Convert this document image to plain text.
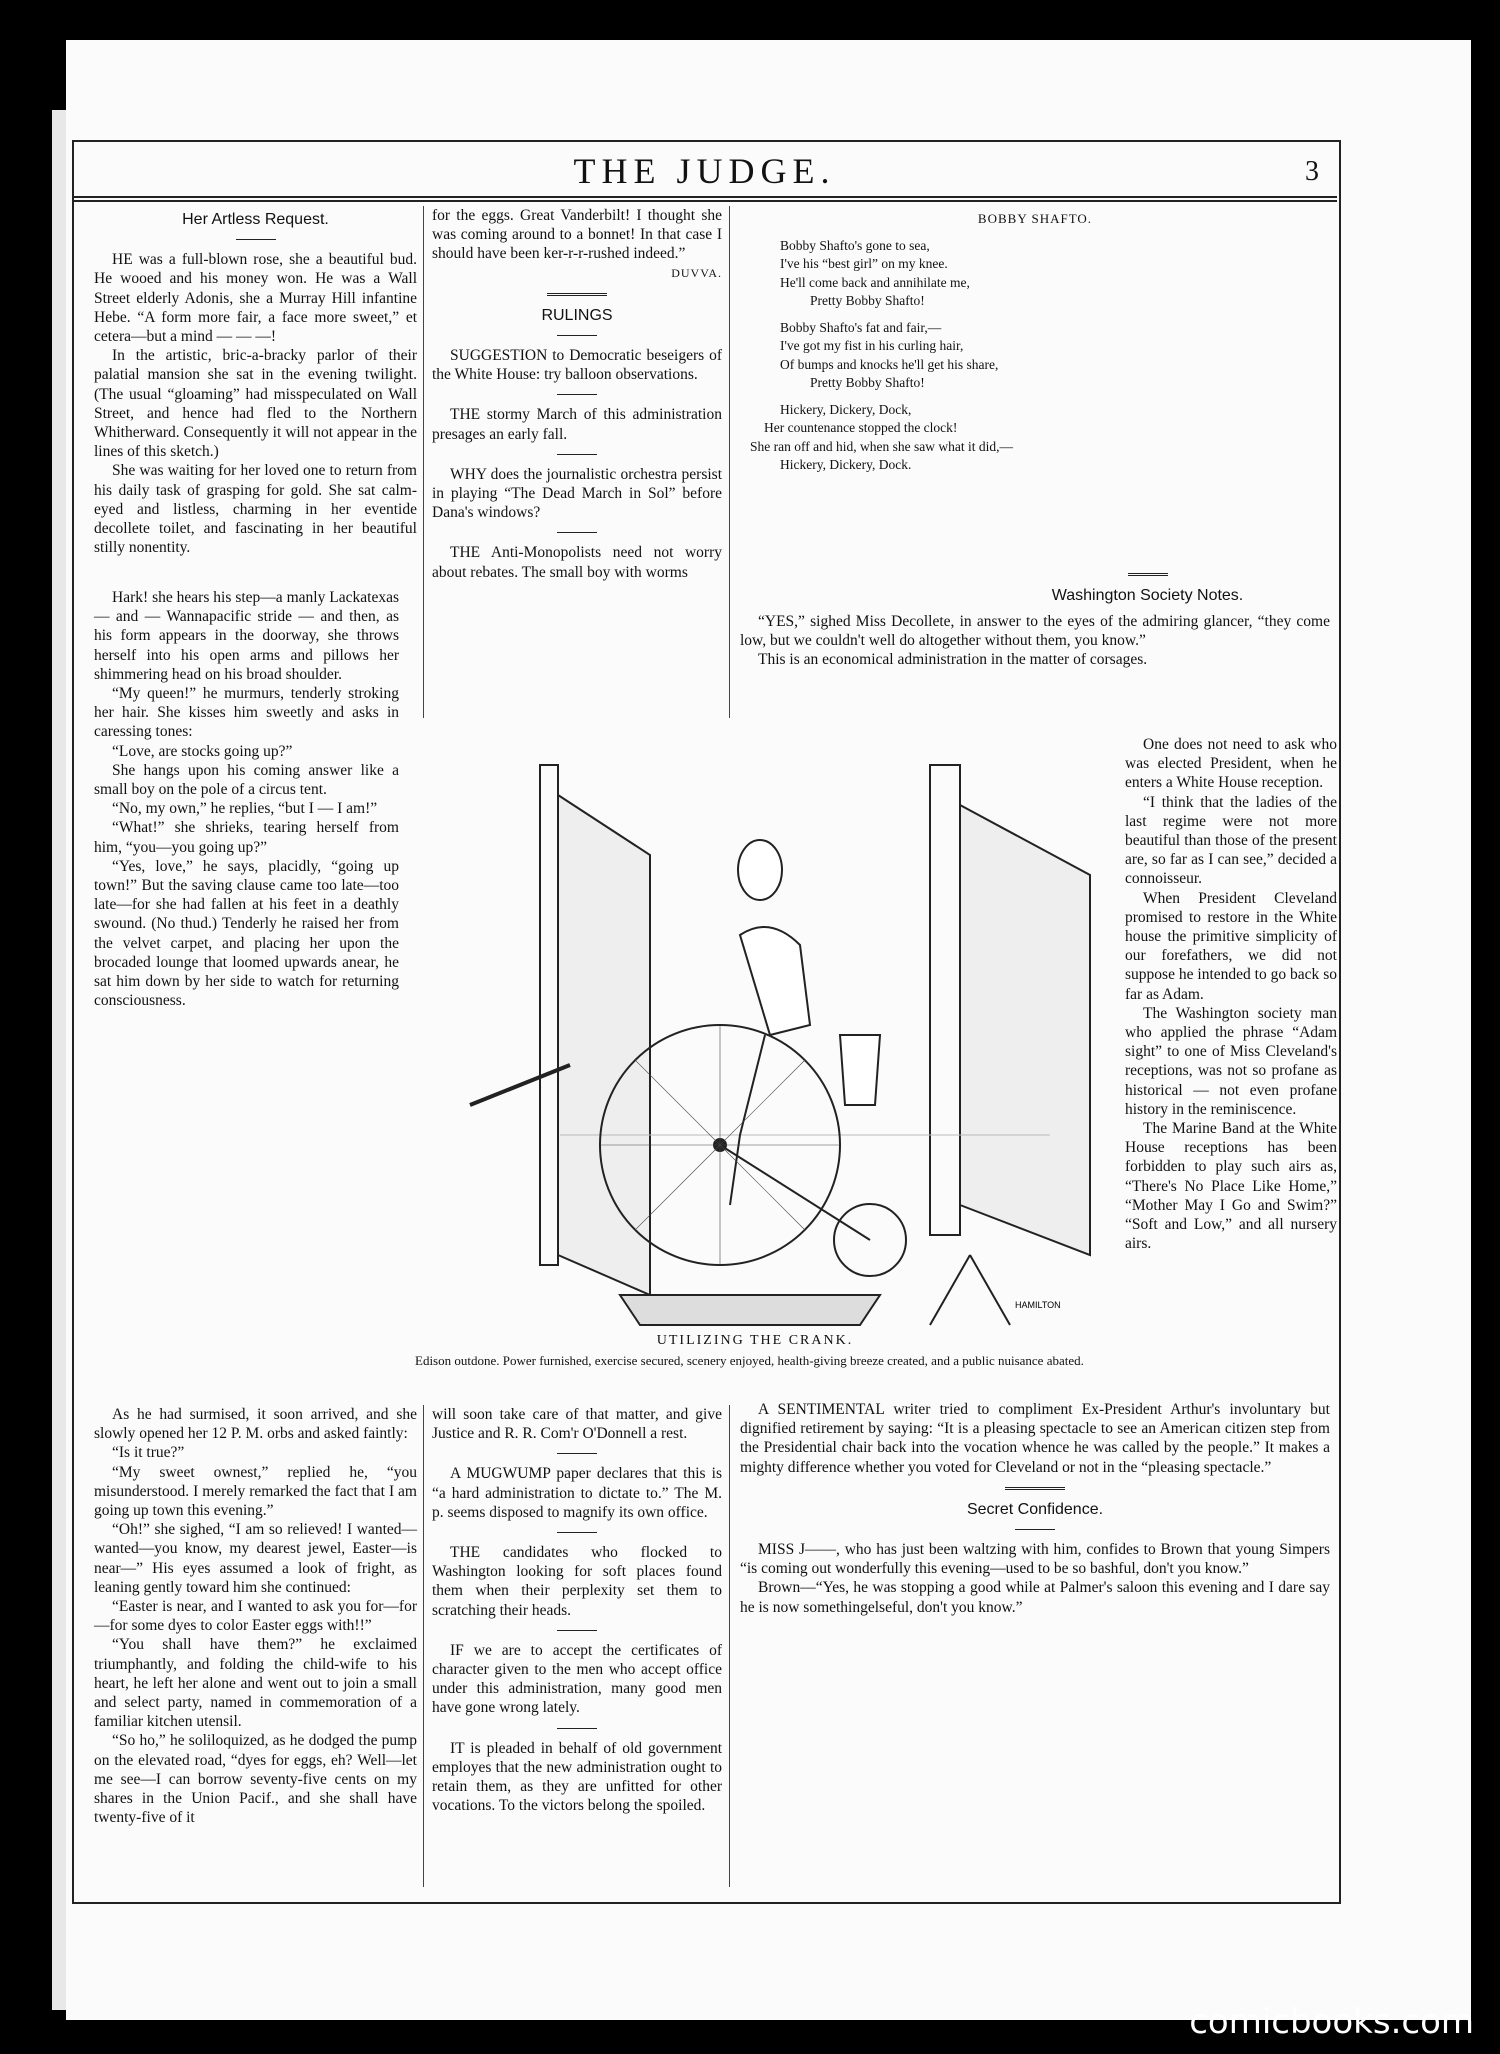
THE JUDGE.	3
Her Artless Request.

HE was a full-blown rose, she a beautiful bud. He wooed and his money won. He was a Wall Street elderly Adonis, she a Murray Hill infantine Hebe. “A form more fair, a face more sweet,” et cetera—but a mind — — —!

In the artistic, bric-a-bracky parlor of their palatial mansion she sat in the evening twilight. (The usual “gloaming” had misspeculated on Wall Street, and hence had fled to the Northern Whitherward. Consequently it will not appear in the lines of this sketch.)

She was waiting for her loved one to return from his daily task of grasping for gold. She sat calm-eyed and listless, charming in her eventide decollete toilet, and fascinating in her beautiful stilly nonentity.

Hark! she hears his step—a manly Lackatexas — and — Wannapacific stride — and then, as his form appears in the doorway, she throws herself into his open arms and pillows her shimmering head on his broad shoulder.

“My queen!” he murmurs, tenderly stroking her hair. She kisses him sweetly and asks in caressing tones:

“Love, are stocks going up?”

She hangs upon his coming answer like a small boy on the pole of a circus tent.

“No, my own,” he replies, “but I — I am!”

“What!” she shrieks, tearing herself from him, “you—you going up?”

“Yes, love,” he says, placidly, “going up town!” But the saving clause came too late—too late—for she had fallen at his feet in a deathly swound. (No thud.) Tenderly he raised her from the velvet carpet, and placing her upon the brocaded lounge that loomed upwards anear, he sat him down by her side to watch for returning consciousness.

As he had surmised, it soon arrived, and she slowly opened her 12 P. M. orbs and asked faintly:

“Is it true?”

“My sweet ownest,” replied he, “you misunderstood. I merely remarked the fact that I am going up town this evening.”

“Oh!” she sighed, “I am so relieved! I wanted—wanted—you know, my dearest jewel, Easter—is near—” His eyes assumed a look of fright, as leaning gently toward him she continued:

“Easter is near, and I wanted to ask you for—for—for some dyes to color Easter eggs with!!”

“You shall have them?” he exclaimed triumphantly, and folding the child-wife to his heart, he left her alone and went out to join a small and select party, named in commemoration of a familiar kitchen utensil.

“So ho,” he soliloquized, as he dodged the pump on the elevated road, “dyes for eggs, eh? Well—let me see—I can borrow seventy-five cents on my shares in the Union Pacif., and she shall have twenty-five of it

for the eggs. Great Vanderbilt! I thought she was coming around to a bonnet! In that case I should have been ker-r-r-rushed indeed.”

DUVVA.
RULINGS

SUGGESTION to Democratic beseigers of the White House: try balloon observations.

THE stormy March of this administration presages an early fall.

WHY does the journalistic orchestra persist in playing “The Dead March in Sol” before Dana's windows?

THE Anti-Monopolists need not worry about rebates. The small boy with worms

will soon take care of that matter, and give Justice and R. R. Com'r O'Donnell a rest.

A MUGWUMP paper declares that this is “a hard administration to dictate to.” The M. p. seems disposed to magnify its own office.

THE candidates who flocked to Washington looking for soft places found them when their perplexity set them to scratching their heads.

IF we are to accept the certificates of character given to the men who accept office under this administration, many good men have gone wrong lately.

IT is pleaded in behalf of old government employes that the new administration ought to retain them, as they are unfitted for other vocations. To the victors belong the spoiled.

BOBBY SHAFTO.

Bobby Shafto's gone to sea,

I've his “best girl” on my knee.

He'll come back and annihilate me,

Pretty Bobby Shafto!

Bobby Shafto's fat and fair,—

I've got my fist in his curling hair,

Of bumps and knocks he'll get his share,

Pretty Bobby Shafto!

Hickery, Dickery, Dock,

Her countenance stopped the clock!

She ran off and hid, when she saw what it did,—

Hickery, Dickery, Dock.

Washington Society Notes.

“YES,” sighed Miss Decollete, in answer to the eyes of the admiring glancer, “they come low, but we couldn't well do altogether without them, you know.”

This is an economical administration in the matter of corsages.

One does not need to ask who was elected President, when he enters a White House reception.

“I think that the ladies of the last regime were not more beautiful than those of the present are, so far as I can see,” decided a connoisseur.

When President Cleveland promised to restore in the White house the primitive simplicity of our forefathers, we did not suppose he intended to go back so far as Adam.

The Washington society man who applied the phrase “Adam sight” to one of Miss Cleveland's receptions, was not so profane as historical — not even profane history in the reminiscence.

The Marine Band at the White House receptions has been forbidden to play such airs as, “There's No Place Like Home,” “Mother May I Go and Swim?” “Soft and Low,” and all nursery airs.

A SENTIMENTAL writer tried to compliment Ex-President Arthur's involuntary but dignified retirement by saying: “It is a pleasing spectacle to see an American citizen step from the Presidential chair back into the vocation whence he was called by the people.” It makes a mighty difference whether you voted for Cleveland or not in the “pleasing spectacle.”

Secret Confidence.

MISS J——, who has just been waltzing with him, confides to Brown that young Simpers “is coming out wonderfully this evening—used to be so bashful, don't you know.”

Brown—“Yes, he was stopping a good while at Palmer's saloon this evening and I dare say he is now somethingelseful, don't you know.”

HAMILTON
UTILIZING THE CRANK.
Edison outdone. Power furnished, exercise secured, scenery enjoyed, health-giving breeze created, and a public nuisance abated.
comicbooks.com
